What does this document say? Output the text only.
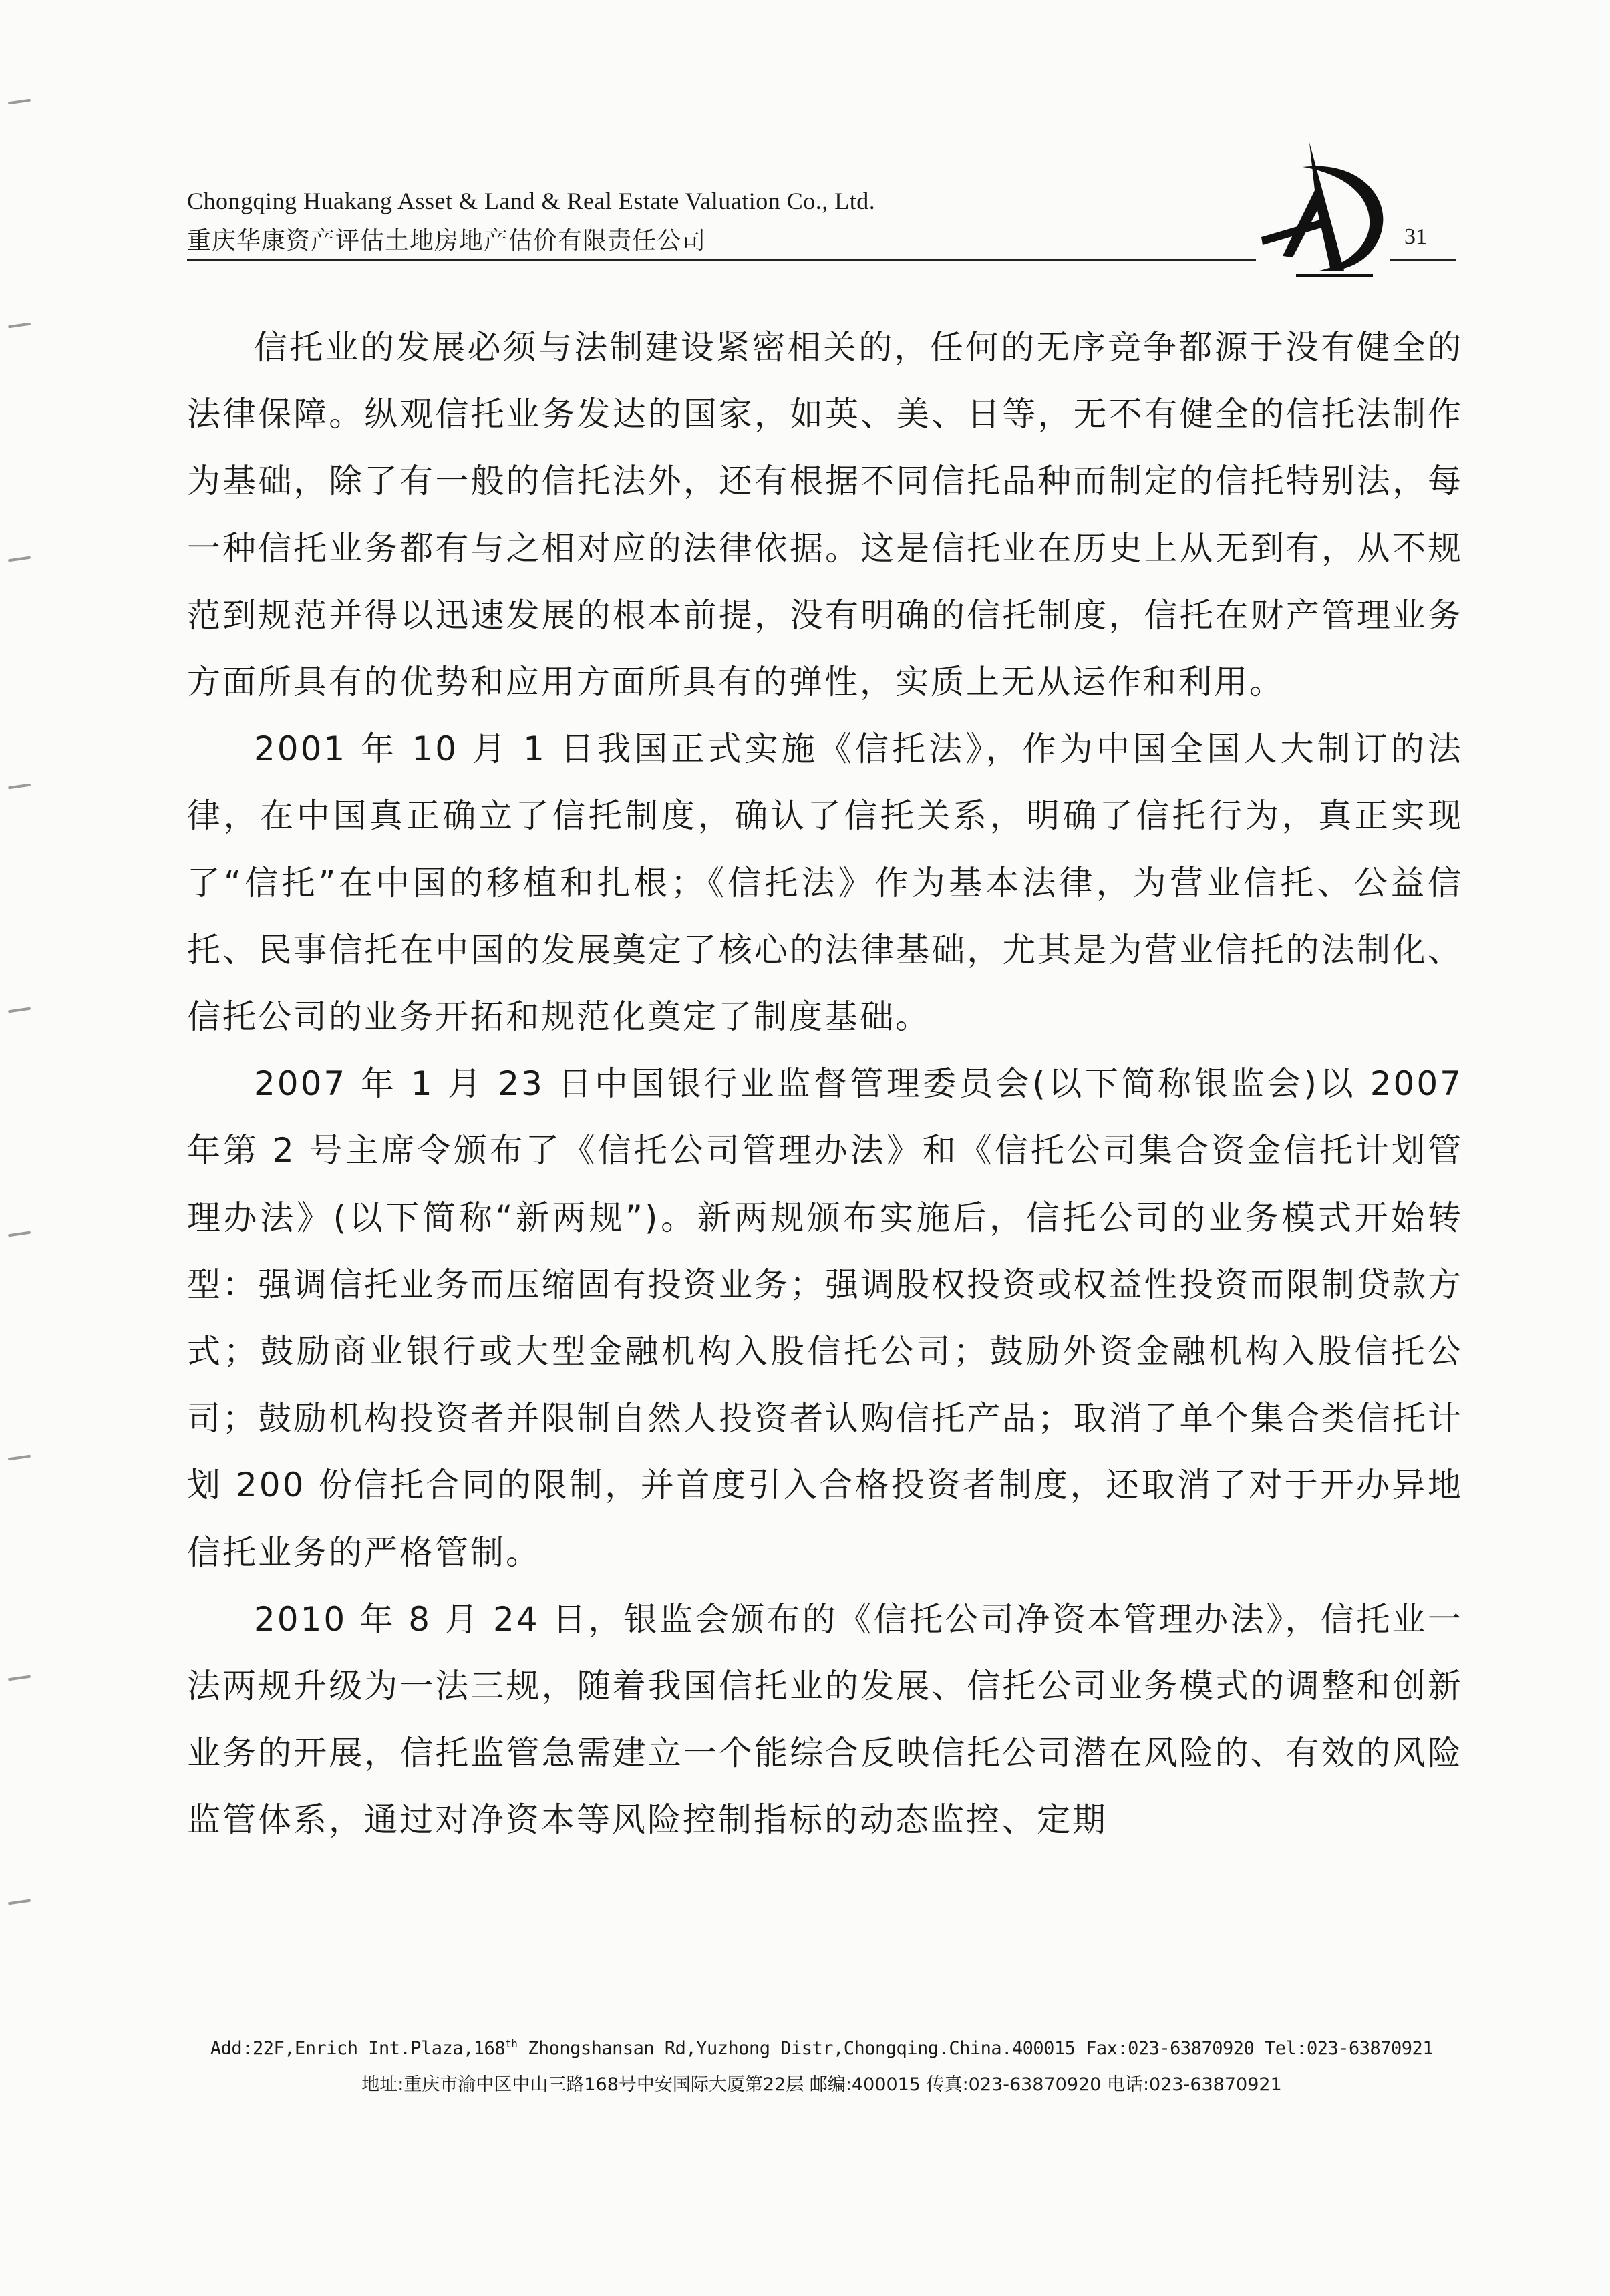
Chongqing Huakang Asset & Land & Real Estate Valuation Co., Ltd.
重庆华康资产评估土地房地产估价有限责任公司	31

信托业的发展必须与法制建设紧密相关的，任何的无序竞争都源于没有健全的法律保障。纵观信托业务发达的国家，如英、美、日等，无不有健全的信托法制作为基础，除了有一般的信托法外，还有根据不同信托品种而制定的信托特别法，每一种信托业务都有与之相对应的法律依据。这是信托业在历史上从无到有，从不规范到规范并得以迅速发展的根本前提，没有明确的信托制度，信托在财产管理业务方面所具有的优势和应用方面所具有的弹性，实质上无从运作和利用。

2001 年 10 月 1 日我国正式实施《信托法》，作为中国全国人大制订的法律，在中国真正确立了信托制度，确认了信托关系，明确了信托行为，真正实现了“信托”在中国的移植和扎根；《信托法》作为基本法律，为营业信托、公益信托、民事信托在中国的发展奠定了核心的法律基础，尤其是为营业信托的法制化、信托公司的业务开拓和规范化奠定了制度基础。

2007 年 1 月 23 日中国银行业监督管理委员会(以下简称银监会)以 2007 年第 2 号主席令颁布了《信托公司管理办法》和《信托公司集合资金信托计划管理办法》(以下简称“新两规”)。新两规颁布实施后，信托公司的业务模式开始转型：强调信托业务而压缩固有投资业务；强调股权投资或权益性投资而限制贷款方式；鼓励商业银行或大型金融机构入股信托公司；鼓励外资金融机构入股信托公司；鼓励机构投资者并限制自然人投资者认购信托产品；取消了单个集合类信托计划 200 份信托合同的限制，并首度引入合格投资者制度，还取消了对于开办异地信托业务的严格管制。

2010 年 8 月 24 日，银监会颁布的《信托公司净资本管理办法》，信托业一法两规升级为一法三规，随着我国信托业的发展、信托公司业务模式的调整和创新业务的开展，信托监管急需建立一个能综合反映信托公司潜在风险的、有效的风险监管体系，通过对净资本等风险控制指标的动态监控、定期

Add:22F,Enrich Int.Plaza,168th Zhongshansan Rd,Yuzhong Distr,Chongqing.China.400015 Fax:023-63870920 Tel:023-63870921
地址:重庆市渝中区中山三路168号中安国际大厦第22层 邮编:400015 传真:023-63870920 电话:023-63870921
